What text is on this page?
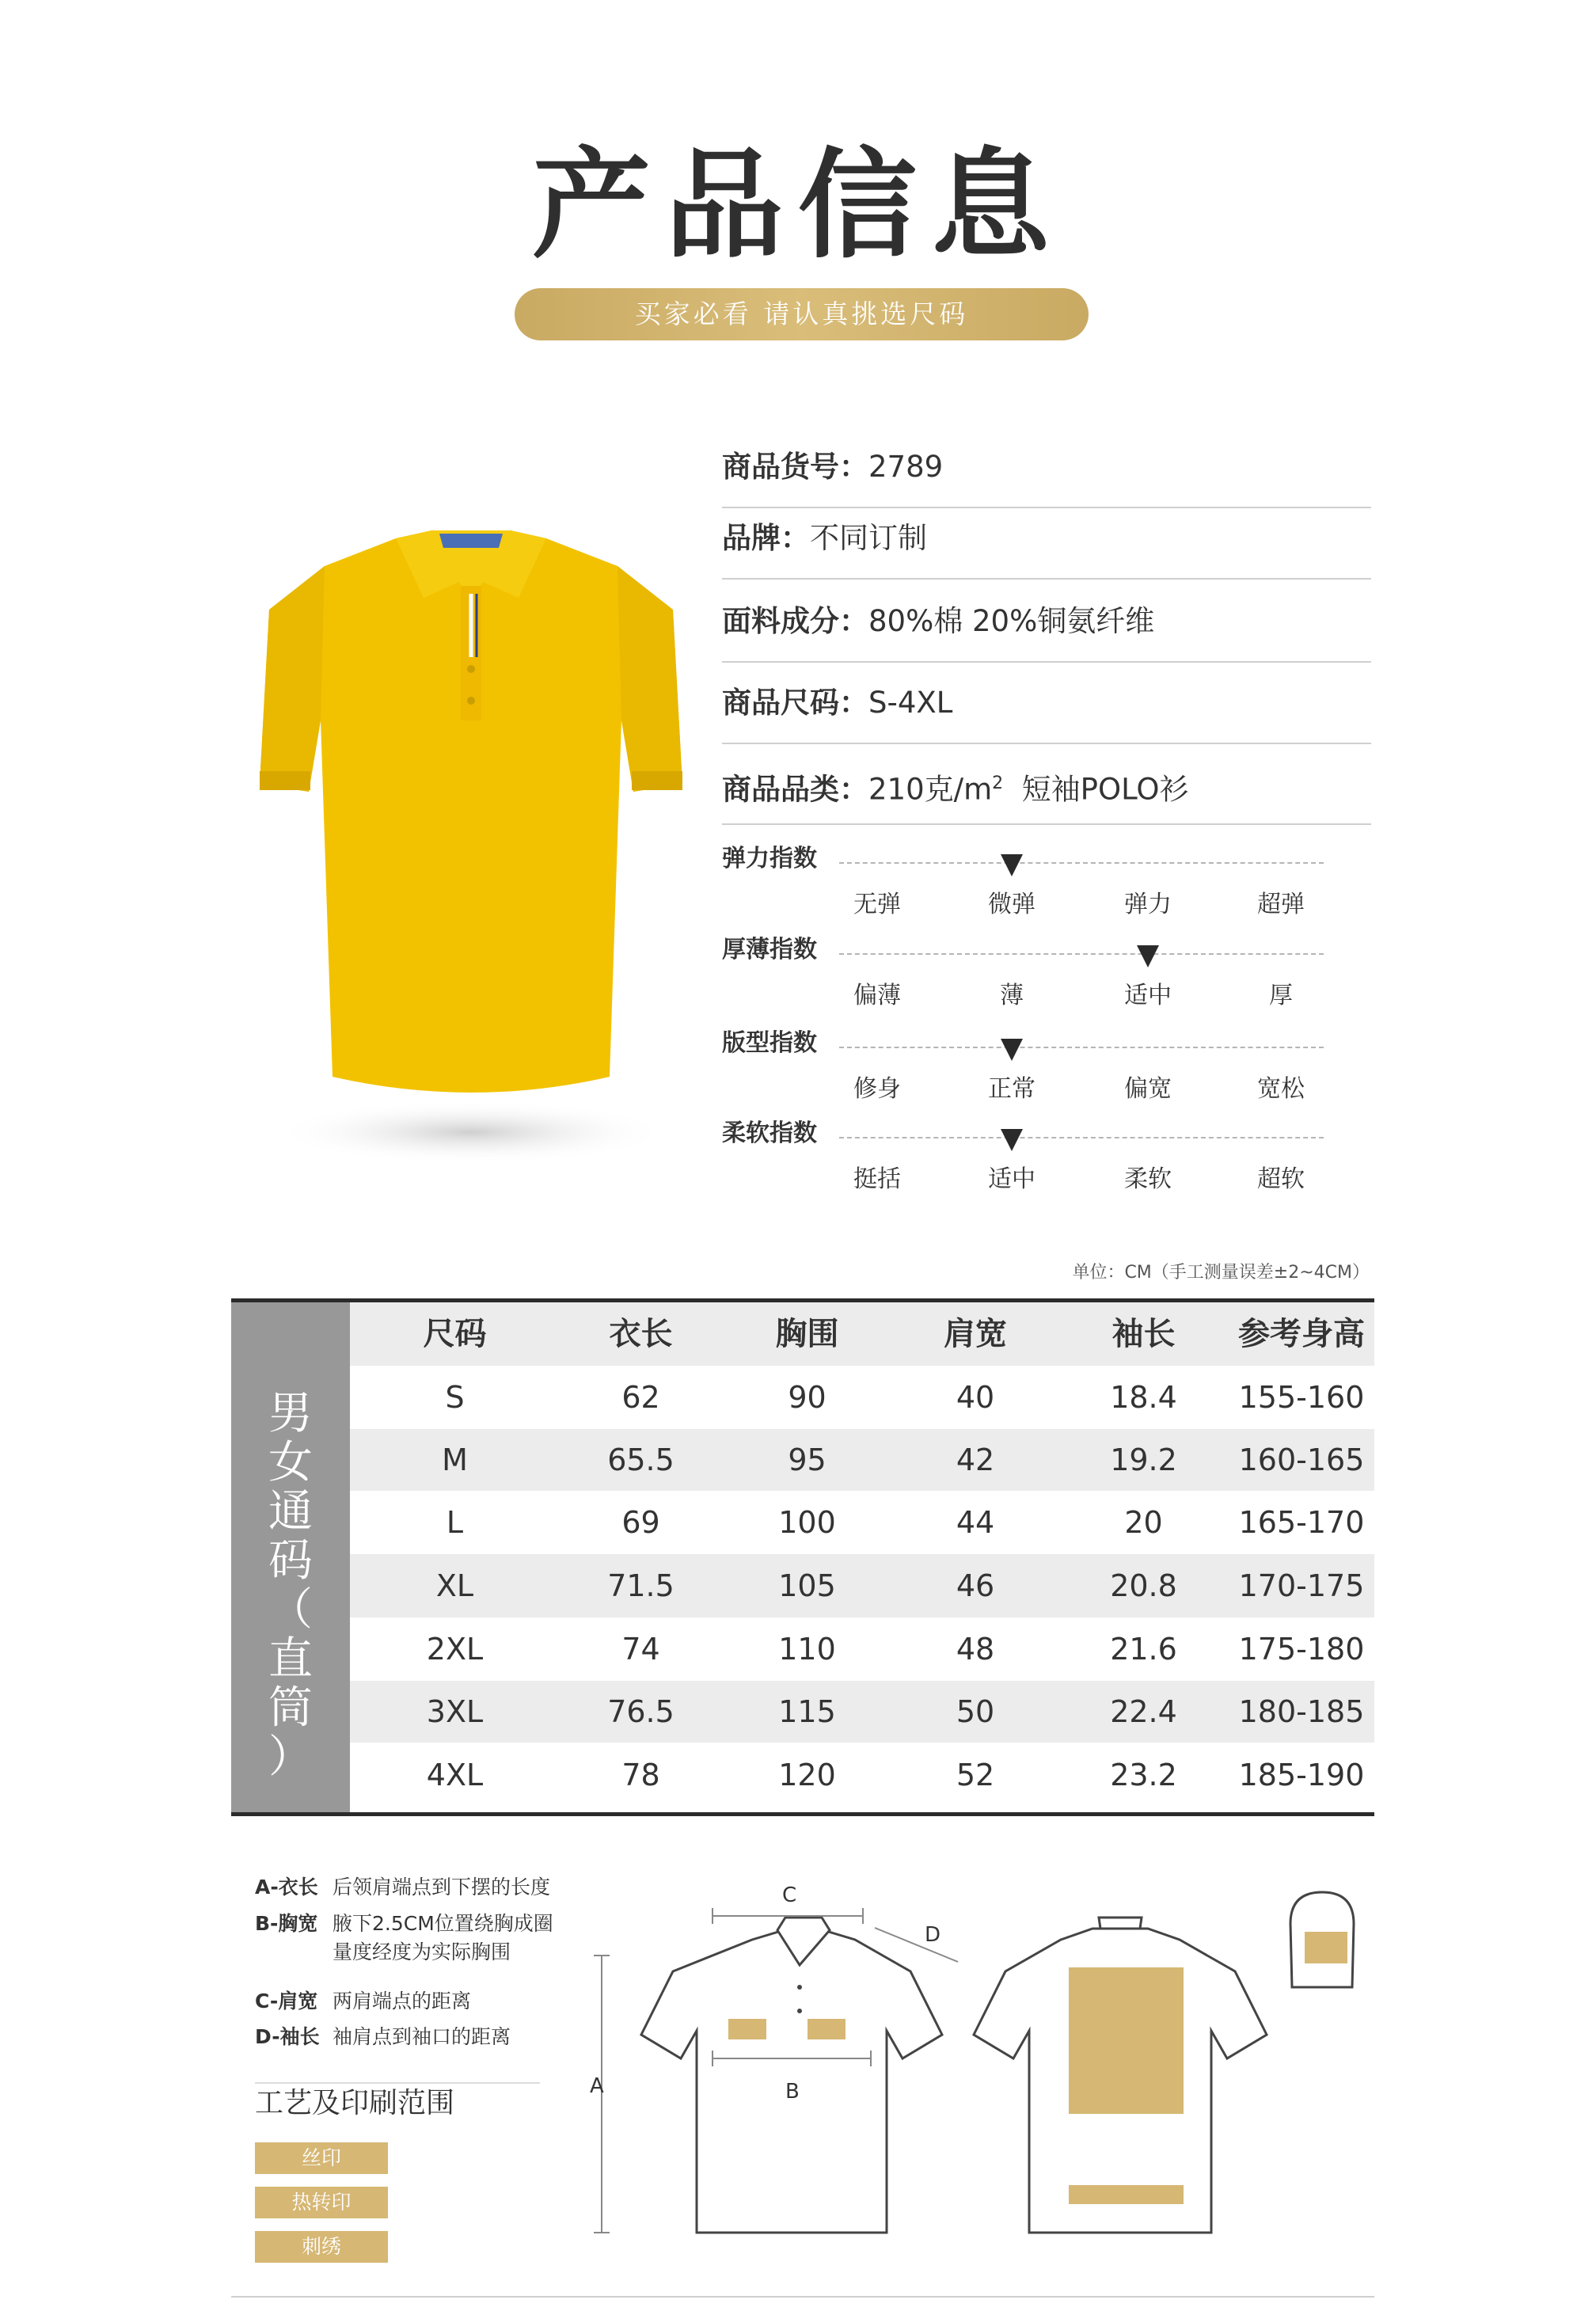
产品信息
买家必看 请认真挑选尺码
商品货号：2789
品牌：不同订制
面料成分：80%棉 20%铜氨纤维
商品尺码：S-4XL
商品品类：210克$/m^2$ 短袖POLO衫
弹力指数
无弹	微弹	弹力	超弹
厚薄指数
偏薄	薄	适中	厚
版型指数
修身	正常	偏宽	宽松
柔软指数
挺括	适中	柔软	超软
单位：CM（手工测量误差±2~4CM）
男
女
通
码
（
直
筒
）
尺码	衣长	胸围	肩宽	袖长	参考身高
S	62	90	40	18.4	155-160
M	65.5	95	42	19.2	160-165
L	69	100	44	20	165-170
XL	71.5	105	46	20.8	170-175
2XL	74	110	48	21.6	175-180
3XL	76.5	115	50	22.4	180-185
4XL	78	120	52	23.2	185-190
A-衣长 后领肩端点到下摆的长度
B-胸宽 腋下2.5CM位置绕胸成圈量度经度为实际胸围
C-肩宽 两肩端点的距离
D-袖长 袖肩点到袖口的距离
工艺及印刷范围
丝印
热转印
刺绣
A	B
C
D
